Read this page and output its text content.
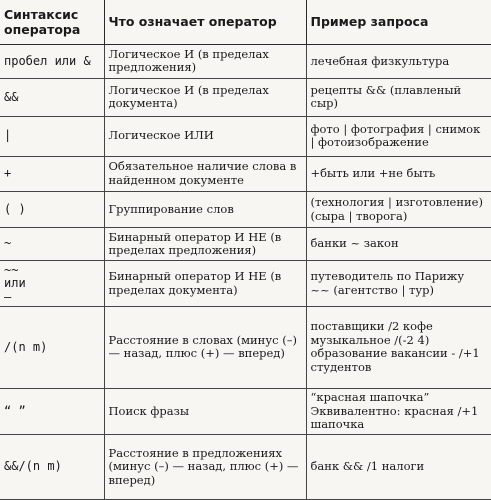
Синтаксис оператора	Что означает оператор	Пример запроса
пробел или &	Логическое И (в пределах предложения)	лечебная физкультура
&&	Логическое И (в пределах документа)	рецепты && (плавленый сыр)
|	Логическое ИЛИ	фото | фотография | снимок | фотоизображение
+	Обязательное наличие слова в найденном документе	+быть или +не быть
( )	Группирование слов	(технология | изготовление) (сыра | творога)
~	Бинарный оператор И НЕ (в пределах предложения)	банки ~ закон
~~
или
–	Бинарный оператор И НЕ (в пределах документа)	путеводитель по Парижу ~~ (агентство | тур)
/(n m)	Расстояние в словах (минус (–) — назад, плюс (+) — вперед)	поставщики /2 кофе музыкальное /(-2 4) образование вакансии - /+1 студентов
“ ”	Поиск фразы	“красная шапочка” Эквивалентно: красная /+1 шапочка
&&/(n m)	Расстояние в предложениях (минус (–) — назад, плюс (+) — вперед)	банк && /1 налоги
